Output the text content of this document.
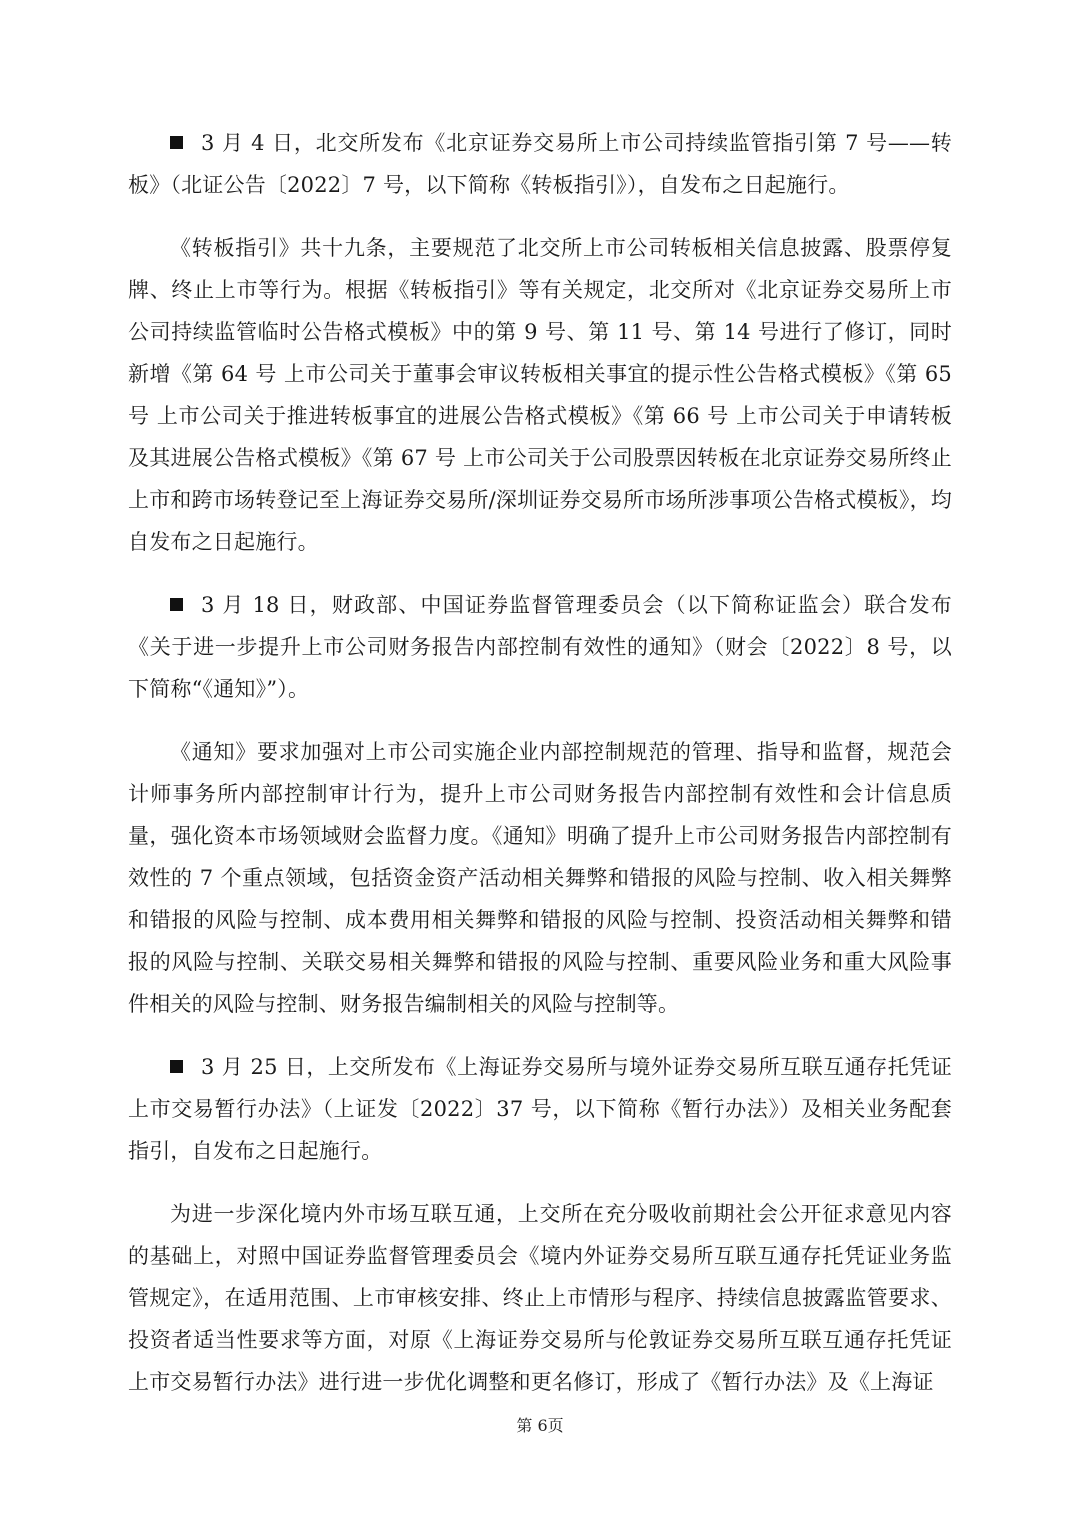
3 月 4 日，北交所发布《北京证券交易所上市公司持续监管指引第 7 号——转板》（北证公告〔2022〕7 号，以下简称《转板指引》），自发布之日起施行。

《转板指引》共十九条，主要规范了北交所上市公司转板相关信息披露、股票停复牌、终止上市等行为。根据《转板指引》等有关规定，北交所对《北京证券交易所上市公司持续监管临时公告格式模板》中的第 9 号、第 11 号、第 14 号进行了修订，同时新增《第 64 号 上市公司关于董事会审议转板相关事宜的提示性公告格式模板》《第 65 号 上市公司关于推进转板事宜的进展公告格式模板》《第 66 号 上市公司关于申请转板及其进展公告格式模板》《第 67 号 上市公司关于公司股票因转板在北京证券交易所终止上市和跨市场转登记至上海证券交易所/深圳证券交易所市场所涉事项公告格式模板》，均自发布之日起施行。

3 月 18 日，财政部、中国证券监督管理委员会（以下简称证监会）联合发布《关于进一步提升上市公司财务报告内部控制有效性的通知》（财会〔2022〕8 号，以下简称“《通知》”）。

《通知》要求加强对上市公司实施企业内部控制规范的管理、指导和监督，规范会计师事务所内部控制审计行为，提升上市公司财务报告内部控制有效性和会计信息质量，强化资本市场领域财会监督力度。《通知》明确了提升上市公司财务报告内部控制有效性的 7 个重点领域，包括资金资产活动相关舞弊和错报的风险与控制、收入相关舞弊和错报的风险与控制、成本费用相关舞弊和错报的风险与控制、投资活动相关舞弊和错报的风险与控制、关联交易相关舞弊和错报的风险与控制、重要风险业务和重大风险事件相关的风险与控制、财务报告编制相关的风险与控制等。

3 月 25 日，上交所发布《上海证券交易所与境外证券交易所互联互通存托凭证上市交易暂行办法》（上证发〔2022〕37 号，以下简称《暂行办法》）及相关业务配套指引，自发布之日起施行。

为进一步深化境内外市场互联互通，上交所在充分吸收前期社会公开征求意见内容的基础上，对照中国证券监督管理委员会《境内外证券交易所互联互通存托凭证业务监管规定》，在适用范围、上市审核安排、终止上市情形与程序、持续信息披露监管要求、投资者适当性要求等方面，对原《上海证券交易所与伦敦证券交易所互联互通存托凭证上市交易暂行办法》进行进一步优化调整和更名修订，形成了《暂行办法》及《上海证

第 6页
